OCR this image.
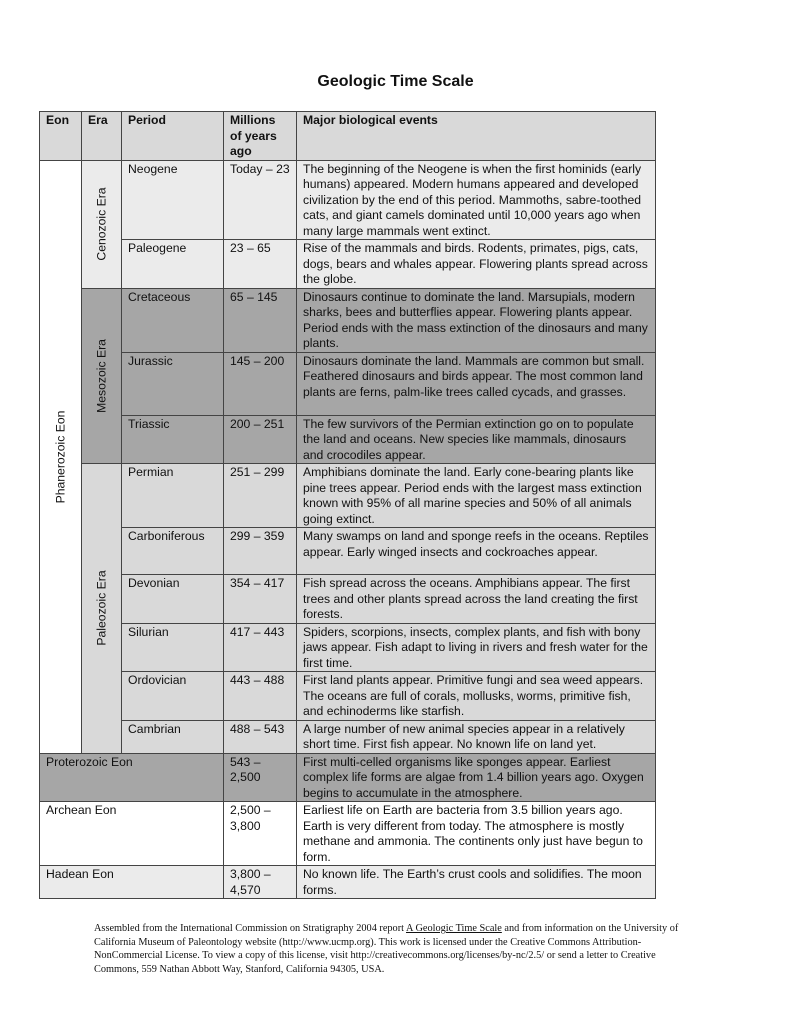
Geologic Time Scale
Eon	Era	Period	Millions of years ago	Major biological events

Phanerozoic Eon	Cenozoic Era	Neogene	Today – 23	The beginning of the Neogene is when the first hominids (early humans) appeared. Modern humans appeared and developed civilization by the end of this period. Mammoths, sabre-toothed cats, and giant camels dominated until 10,000 years ago when many large mammals went extinct.
		Paleogene	23 – 65	Rise of the mammals and birds. Rodents, primates, pigs, cats, dogs, bears and whales appear. Flowering plants spread across the globe.

	Mesozoic Era	Cretaceous	65 – 145	Dinosaurs continue to dominate the land. Marsupials, modern sharks, bees and butterflies appear. Flowering plants appear. Period ends with the mass extinction of the dinosaurs and many plants.
		Jurassic	145 – 200	Dinosaurs dominate the land. Mammals are common but small. Feathered dinosaurs and birds appear. The most common land plants are ferns, palm-like trees called cycads, and grasses.
		Triassic	200 – 251	The few survivors of the Permian extinction go on to populate the land and oceans. New species like mammals, dinosaurs and crocodiles appear.

	Paleozoic Era	Permian	251 – 299	Amphibians dominate the land. Early cone-bearing plants like pine trees appear. Period ends with the largest mass extinction known with 95% of all marine species and 50% of all animals going extinct.
		Carboniferous	299 – 359	Many swamps on land and sponge reefs in the oceans. Reptiles appear. Early winged insects and cockroaches appear.
		Devonian	354 – 417	Fish spread across the oceans. Amphibians appear. The first trees and other plants spread across the land creating the first forests.
		Silurian	417 – 443	Spiders, scorpions, insects, complex plants, and fish with bony jaws appear. Fish adapt to living in rivers and fresh water for the first time.
		Ordovician	443 – 488	First land plants appear. Primitive fungi and sea weed appears. The oceans are full of corals, mollusks, worms, primitive fish, and echinoderms like starfish.
		Cambrian	488 – 543	A large number of new animal species appear in a relatively short time. First fish appear. No known life on land yet.
Proterozoic Eon			543 – 2,500	First multi-celled organisms like sponges appear. Earliest complex life forms are algae from 1.4 billion years ago. Oxygen begins to accumulate in the atmosphere.
Archean Eon			2,500 – 3,800	Earliest life on Earth are bacteria from 3.5 billion years ago. Earth is very different from today. The atmosphere is mostly methane and ammonia. The continents only just have begun to form.
Hadean Eon			3,800 – 4,570	No known life. The Earth’s crust cools and solidifies. The moon forms.
Assembled from the International Commission on Stratigraphy 2004 report A Geologic Time Scale and from information on the University of California Museum of Paleontology website (http://www.ucmp.org). This work is licensed under the Creative Commons Attribution-NonCommercial License. To view a copy of this license, visit http://creativecommons.org/licenses/by-nc/2.5/ or send a letter to Creative Commons, 559 Nathan Abbott Way, Stanford, California 94305, USA.
